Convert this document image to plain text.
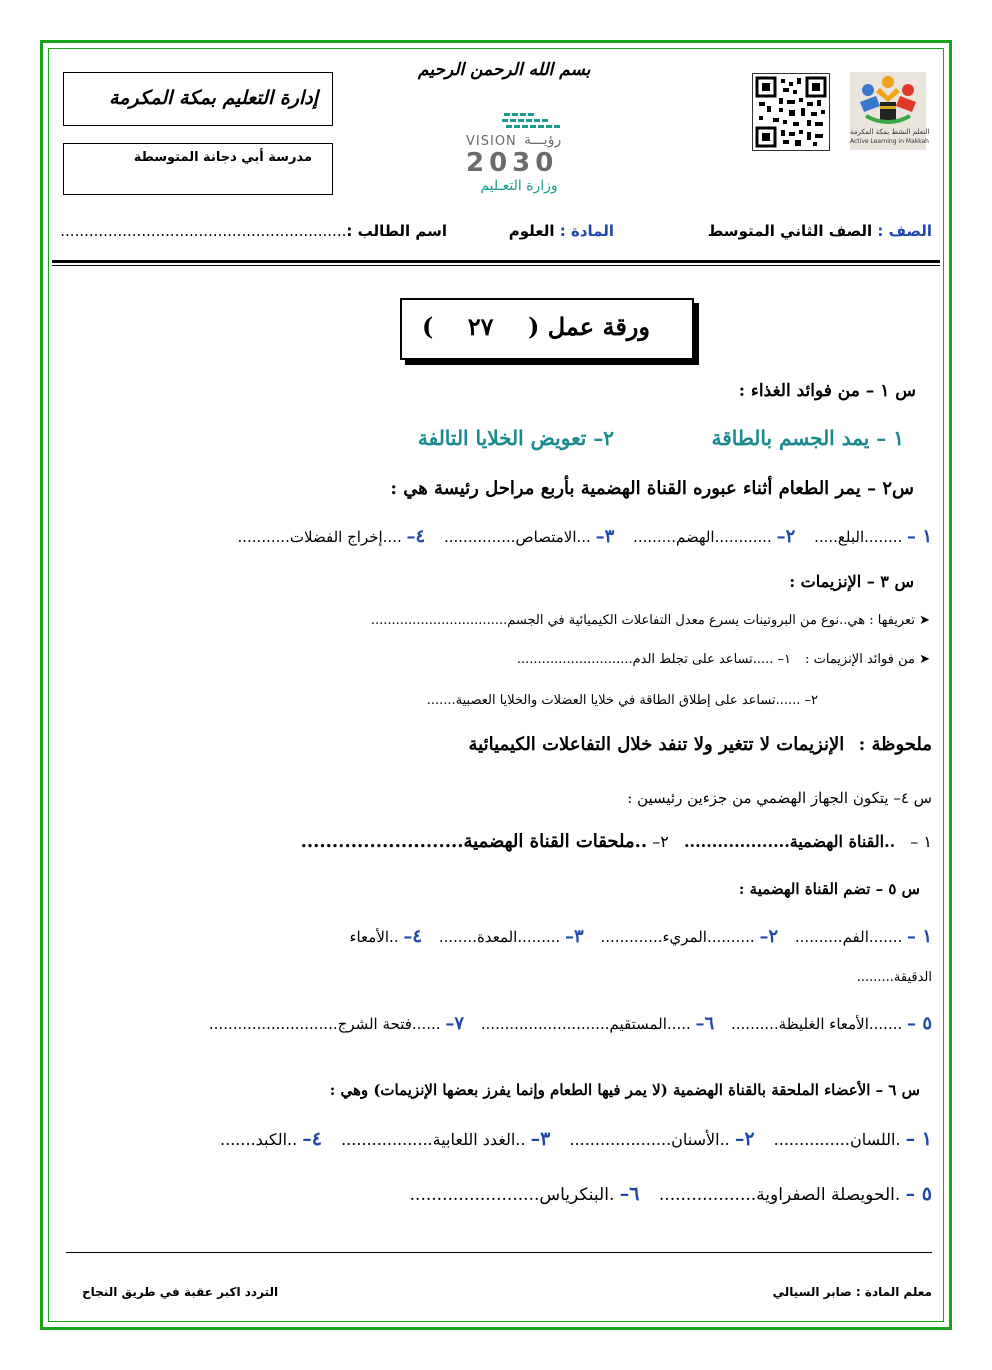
إدارة التعليم بمكة المكرمة
مدرسة أبي دجانة المتوسطة
بسم الله الرحمن الرحيم
VISION رؤيـــة
2030
وزارة التعـليم
التعلم النشط بمكة المكرمة
Active Learning in Makkah
الصف : الصف الثاني المتوسط
المادة : العلوم
اسم الطالب :............................................................
ورقة عمل ( ٢٧ )
س ١ – من فوائد الغذاء :
١ – يمد الجسم بالطاقة
٢– تعويض الخلايا التالفة
س٢ – يمر الطعام أثناء عبوره القناة الهضمية بأربع مراحل رئيسة هي :
١ – ........البلع..... ٢– ............الهضم......... ٣– ...الامتصاص............... ٤– ....إخراج الفضلات...........
س ٣ – الإنزيمات :
➤ تعريفها : هي..نوع من البروتينات يسرع معدل التفاعلات الكيميائية في الجسم.................................
➤ من فوائد الإنزيمات : ١– .....تساعد على تجلط الدم............................
٢– ......تساعد على إطلاق الطاقة في خلايا العضلات والخلايا العصبية.......
ملحوظة : الإنزيمات لا تتغير ولا تنفد خلال التفاعلات الكيميائية
س ٤– يتكون الجهاز الهضمي من جزءين رئيسين :
١ – ..القناة الهضمية................... ٢– ..ملحقات القناة الهضمية..........................
س ٥ – تضم القناة الهضمية :
١ – .......الفم.......... ٢– ..........المريء............. ٣– .........المعدة........ ٤– ..الأمعاء
الدقيقة.........
٥ – .......الأمعاء الغليظة.......... ٦– .....المستقيم........................... ٧– ......فتحة الشرج...........................
س ٦ – الأعضاء الملحقة بالقناة الهضمية (لا يمر فيها الطعام وإنما يفرز بعضها الإنزيمات) وهي :
١ – .اللسان............... ٢– ..الأسنان.................... ٣– ..الغدد اللعابية.................. ٤– ..الكبد.......
٥ – .الحويصلة الصفراوية.................. ٦– .البنكرياس........................
معلم المادة : صابر السيالي
التردد اكبر عقبة في طريق النجاح
